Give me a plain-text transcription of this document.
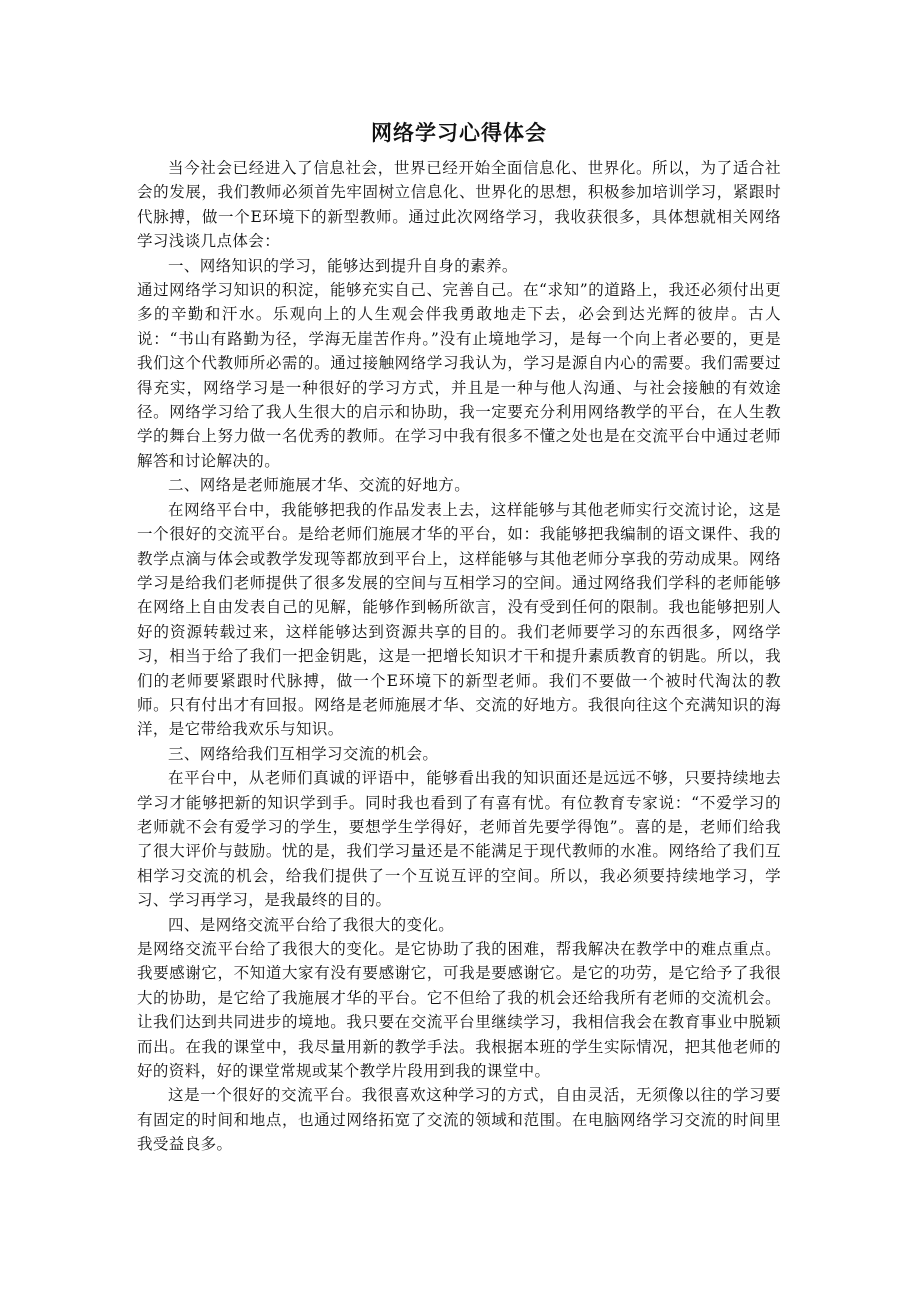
网络学习心得体会

当今社会已经进入了信息社会，世界已经开始全面信息化、世界化。所以，为了适合社会的发展，我们教师必须首先牢固树立信息化、世界化的思想，积极参加培训学习，紧跟时代脉搏，做一个E环境下的新型教师。通过此次网络学习，我收获很多，具体想就相关网络学习浅谈几点体会：

一、网络知识的学习，能够达到提升自身的素养。

通过网络学习知识的积淀，能够充实自己、完善自己。在“求知”的道路上，我还必须付出更多的辛勤和汗水。乐观向上的人生观会伴我勇敢地走下去，必会到达光辉的彼岸。古人说：“书山有路勤为径，学海无崖苦作舟。”没有止境地学习，是每一个向上者必要的，更是我们这个代教师所必需的。通过接触网络学习我认为，学习是源自内心的需要。我们需要过得充实，网络学习是一种很好的学习方式，并且是一种与他人沟通、与社会接触的有效途径。网络学习给了我人生很大的启示和协助，我一定要充分利用网络教学的平台，在人生教学的舞台上努力做一名优秀的教师。在学习中我有很多不懂之处也是在交流平台中通过老师解答和讨论解决的。

二、网络是老师施展才华、交流的好地方。

在网络平台中，我能够把我的作品发表上去，这样能够与其他老师实行交流讨论，这是一个很好的交流平台。是给老师们施展才华的平台，如：我能够把我编制的语文课件、我的教学点滴与体会或教学发现等都放到平台上，这样能够与其他老师分享我的劳动成果。网络学习是给我们老师提供了很多发展的空间与互相学习的空间。通过网络我们学科的老师能够在网络上自由发表自己的见解，能够作到畅所欲言，没有受到任何的限制。我也能够把别人好的资源转载过来，这样能够达到资源共享的目的。我们老师要学习的东西很多，网络学习，相当于给了我们一把金钥匙，这是一把增长知识才干和提升素质教育的钥匙。所以，我们的老师要紧跟时代脉搏，做一个E环境下的新型老师。我们不要做一个被时代淘汰的教师。只有付出才有回报。网络是老师施展才华、交流的好地方。我很向往这个充满知识的海洋，是它带给我欢乐与知识。

三、网络给我们互相学习交流的机会。

在平台中，从老师们真诚的评语中，能够看出我的知识面还是远远不够，只要持续地去学习才能够把新的知识学到手。同时我也看到了有喜有忧。有位教育专家说：“不爱学习的老师就不会有爱学习的学生，要想学生学得好，老师首先要学得饱”。喜的是，老师们给我了很大评价与鼓励。忧的是，我们学习量还是不能满足于现代教师的水准。网络给了我们互相学习交流的机会，给我们提供了一个互说互评的空间。所以，我必须要持续地学习，学习、学习再学习，是我最终的目的。

四、是网络交流平台给了我很大的变化。

是网络交流平台给了我很大的变化。是它协助了我的困难，帮我解决在教学中的难点重点。我要感谢它，不知道大家有没有要感谢它，可我是要感谢它。是它的功劳，是它给予了我很大的协助，是它给了我施展才华的平台。它不但给了我的机会还给我所有老师的交流机会。让我们达到共同进步的境地。我只要在交流平台里继续学习，我相信我会在教育事业中脱颖而出。在我的课堂中，我尽量用新的教学手法。我根据本班的学生实际情况，把其他老师的好的资料，好的课堂常规或某个教学片段用到我的课堂中。

这是一个很好的交流平台。我很喜欢这种学习的方式，自由灵活，无须像以往的学习要有固定的时间和地点，也通过网络拓宽了交流的领域和范围。在电脑网络学习交流的时间里我受益良多。
